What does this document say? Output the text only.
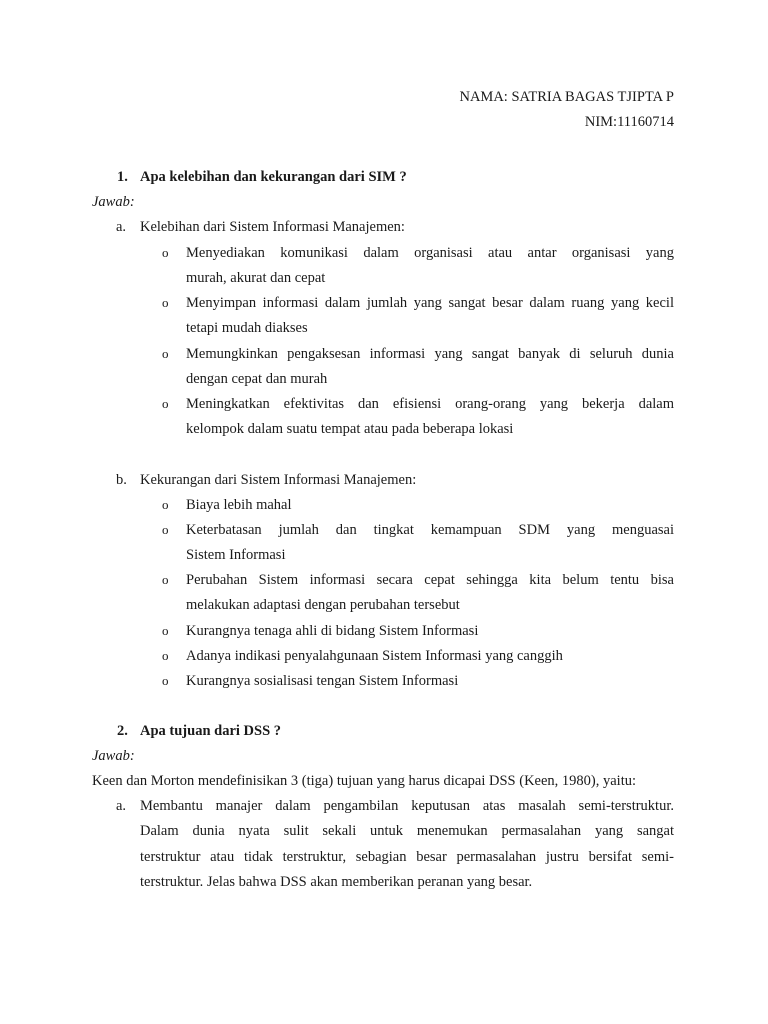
NAMA: SATRIA BAGAS TJIPTA P
NIM:11160714
1. Apa kelebihan dan kekurangan dari SIM ?
Jawab:
a. Kelebihan dari Sistem Informasi Manajemen:
o Menyediakan komunikasi dalam organisasi atau antar organisasi yang
murah, akurat dan cepat
o Menyimpan informasi dalam jumlah yang sangat besar dalam ruang yang kecil
tetapi mudah diakses
o Memungkinkan pengaksesan informasi yang sangat banyak di seluruh dunia
dengan cepat dan murah
o Meningkatkan efektivitas dan efisiensi orang-orang yang bekerja dalam
kelompok dalam suatu tempat atau pada beberapa lokasi
b. Kekurangan dari Sistem Informasi Manajemen:
o Biaya lebih mahal
o Keterbatasan jumlah dan tingkat kemampuan SDM yang menguasai
Sistem Informasi
o Perubahan Sistem informasi secara cepat sehingga kita belum tentu bisa
melakukan adaptasi dengan perubahan tersebut
o Kurangnya tenaga ahli di bidang Sistem Informasi
o Adanya indikasi penyalahgunaan Sistem Informasi yang canggih
o Kurangnya sosialisasi tengan Sistem Informasi
2. Apa tujuan dari DSS ?
Jawab:
Keen dan Morton mendefinisikan 3 (tiga) tujuan yang harus dicapai DSS (Keen, 1980), yaitu:
a. Membantu manajer dalam pengambilan keputusan atas masalah semi-terstruktur.
Dalam dunia nyata sulit sekali untuk menemukan permasalahan yang sangat
terstruktur atau tidak terstruktur, sebagian besar permasalahan justru bersifat semi-
terstruktur. Jelas bahwa DSS akan memberikan peranan yang besar.
